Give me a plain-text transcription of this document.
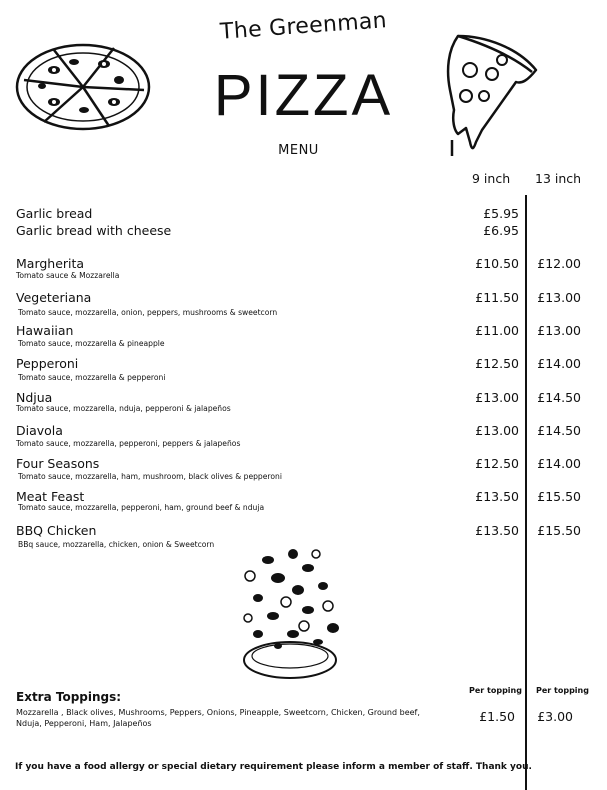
The Greenman
PIZZA
MENU
9 inch 13 inch
Garlic bread	£5.95
Garlic bread with cheese	£6.95
Margherita
Tomato sauce & Mozzarella
£10.50	£12.00
Vegeteriana
Tomato sauce, mozzarella, onion, peppers, mushrooms & sweetcorn
£11.50	£13.00
Hawaiian
Tomato sauce, mozzarella & pineapple
£11.00	£13.00
Pepperoni
Tomato sauce, mozzarella & pepperoni
£12.50	£14.00
Ndjua
Tomato sauce, mozzarella, nduja, pepperoni & jalapeños
£13.00	£14.50
Diavola
Tomato sauce, mozzarella, pepperoni, peppers & jalapeños
£13.00	£14.50
Four Seasons
Tomato sauce, mozzarella, ham, mushroom, black olives & pepperoni
£12.50	£14.00
Meat Feast
Tomato sauce, mozzarella, pepperoni, ham, ground beef & nduja
£13.50	£15.50
BBQ Chicken
BBq sauce, mozzarella, chicken, onion & Sweetcorn
£13.50	£15.50
Extra Toppings:	Per topping Per topping
Mozzarella , Black olives, Mushrooms, Peppers, Onions, Pineapple, Sweetcorn, Chicken, Ground beef, Nduja, Pepperoni, Ham, Jalapeños	£1.50	£3.00
If you have a food allergy or special dietary requirement please inform a member of staff. Thank you.
